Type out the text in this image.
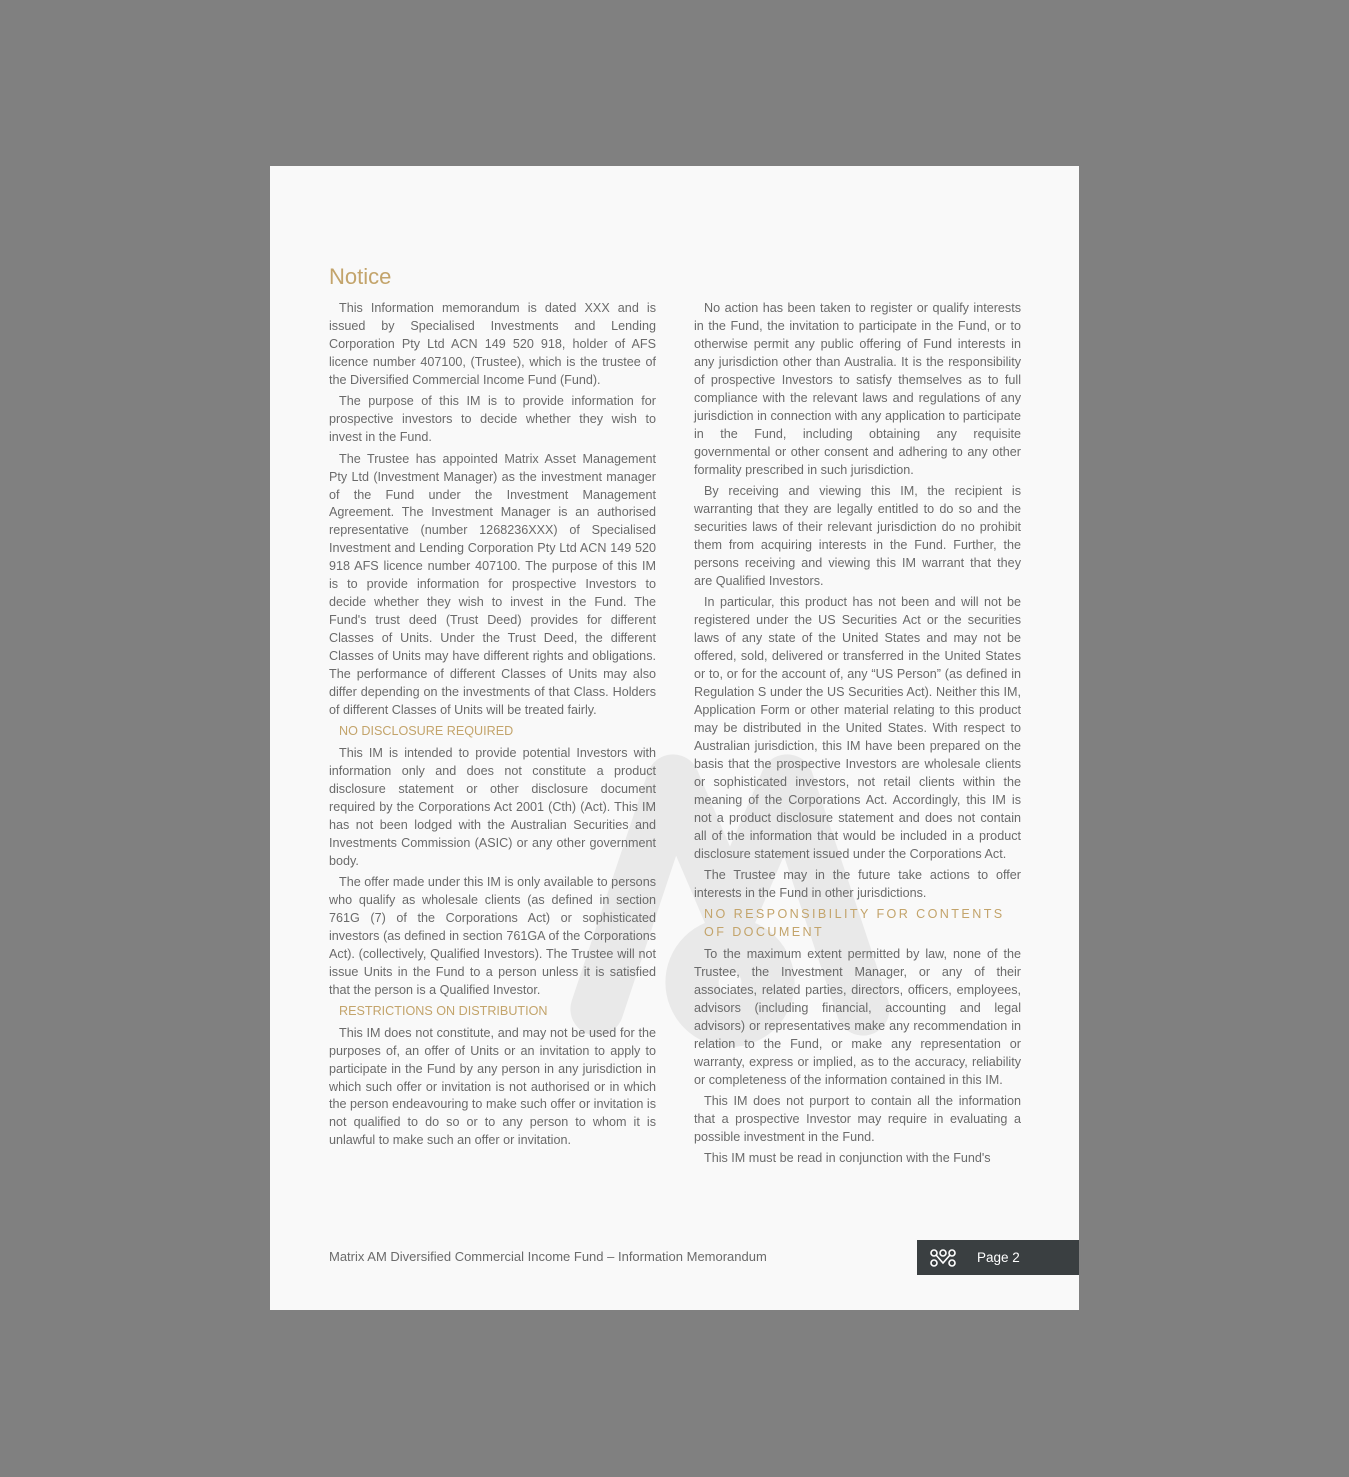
Notice

This Information memorandum is dated XXX and is issued by Specialised Investments and Lending Corporation Pty Ltd ACN 149 520 918, holder of AFS licence number 407100, (Trustee), which is the trustee of the Diversified Commercial Income Fund (Fund).

The purpose of this IM is to provide information for prospective investors to decide whether they wish to invest in the Fund.

The Trustee has appointed Matrix Asset Management Pty Ltd (Investment Manager) as the investment manager of the Fund under the Investment Management Agreement. The Investment Manager is an authorised representative (number 1268236XXX) of Specialised Investment and Lending Corporation Pty Ltd ACN 149 520 918 AFS licence number 407100. The purpose of this IM is to provide information for prospective Investors to decide whether they wish to invest in the Fund. The Fund's trust deed (Trust Deed) provides for different Classes of Units. Under the Trust Deed, the different Classes of Units may have different rights and obligations. The performance of different Classes of Units may also differ depending on the investments of that Class. Holders of different Classes of Units will be treated fairly.

NO DISCLOSURE REQUIRED

This IM is intended to provide potential Investors with information only and does not constitute a product disclosure statement or other disclosure document required by the Corporations Act 2001 (Cth) (Act). This IM has not been lodged with the Australian Securities and Investments Commission (ASIC) or any other government body.

The offer made under this IM is only available to persons who qualify as wholesale clients (as defined in section 761G (7) of the Corporations Act) or sophisticated investors (as defined in section 761GA of the Corporations Act). (collectively, Qualified Investors). The Trustee will not issue Units in the Fund to a person unless it is satisfied that the person is a Qualified Investor.

RESTRICTIONS ON DISTRIBUTION

This IM does not constitute, and may not be used for the purposes of, an offer of Units or an invitation to apply to participate in the Fund by any person in any jurisdiction in which such offer or invitation is not authorised or in which the person endeavouring to make such offer or invitation is not qualified to do so or to any person to whom it is unlawful to make such an offer or invitation.

No action has been taken to register or qualify interests in the Fund, the invitation to participate in the Fund, or to otherwise permit any public offering of Fund interests in any jurisdiction other than Australia. It is the responsibility of prospective Investors to satisfy themselves as to full compliance with the relevant laws and regulations of any jurisdiction in connection with any application to participate in the Fund, including obtaining any requisite governmental or other consent and adhering to any other formality prescribed in such jurisdiction.

By receiving and viewing this IM, the recipient is warranting that they are legally entitled to do so and the securities laws of their relevant jurisdiction do no prohibit them from acquiring interests in the Fund. Further, the persons receiving and viewing this IM warrant that they are Qualified Investors.

In particular, this product has not been and will not be registered under the US Securities Act or the securities laws of any state of the United States and may not be offered, sold, delivered or transferred in the United States or to, or for the account of, any “US Person” (as defined in Regulation S under the US Securities Act). Neither this IM, Application Form or other material relating to this product may be distributed in the United States. With respect to Australian jurisdiction, this IM have been prepared on the basis that the prospective Investors are wholesale clients or sophisticated investors, not retail clients within the meaning of the Corporations Act. Accordingly, this IM is not a product disclosure statement and does not contain all of the information that would be included in a product disclosure statement issued under the Corporations Act.

The Trustee may in the future take actions to offer interests in the Fund in other jurisdictions.

NO RESPONSIBILITY FOR CONTENTS OF DOCUMENT

To the maximum extent permitted by law, none of the Trustee, the Investment Manager, or any of their associates, related parties, directors, officers, employees, advisors (including financial, accounting and legal advisors) or representatives make any recommendation in relation to the Fund, or make any representation or warranty, express or implied, as to the accuracy, reliability or completeness of the information contained in this IM.

This IM does not purport to contain all the information that a prospective Investor may require in evaluating a possible investment in the Fund.

This IM must be read in conjunction with the Fund's

Matrix AM Diversified Commercial Income Fund – Information Memorandum	Page 2
